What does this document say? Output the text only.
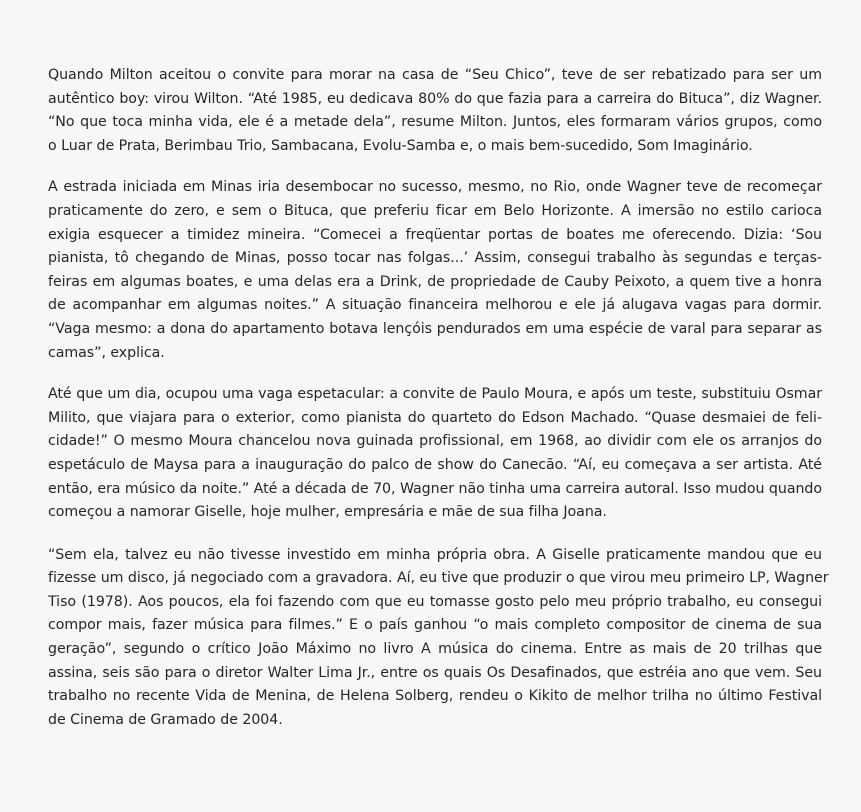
Quando Milton aceitou o convite para morar na casa de “Seu Chico”, teve de ser rebatizado para ser um
autêntico boy: virou Wilton. “Até 1985, eu dedicava 80% do que fazia para a carreira do Bituca”, diz Wagner.
“No que toca minha vida, ele é a metade dela”, resume Milton. Juntos, eles formaram vários grupos, como
o Luar de Prata, Berimbau Trio, Sambacana, Evolu-Samba e, o mais bem-sucedido, Som Imaginário.

A estrada iniciada em Minas iria desembocar no sucesso, mesmo, no Rio, onde Wagner teve de recomeçar
praticamente do zero, e sem o Bituca, que preferiu ficar em Belo Horizonte. A imersão no estilo carioca
exigia esquecer a timidez mineira. “Comecei a freqüentar portas de boates me oferecendo. Dizia: ‘Sou
pianista, tô chegando de Minas, posso tocar nas folgas...’ Assim, consegui trabalho às segundas e terças-
feiras em algumas boates, e uma delas era a Drink, de propriedade de Cauby Peixoto, a quem tive a honra
de acompanhar em algumas noites.” A situação financeira melhorou e ele já alugava vagas para dormir.
“Vaga mesmo: a dona do apartamento botava lençóis pendurados em uma espécie de varal para separar as
camas”, explica.

Até que um dia, ocupou uma vaga espetacular: a convite de Paulo Moura, e após um teste, substituiu Osmar
Milito, que viajara para o exterior, como pianista do quarteto do Edson Machado. “Quase desmaiei de feli-
cidade!” O mesmo Moura chancelou nova guinada profissional, em 1968, ao dividir com ele os arranjos do
espetáculo de Maysa para a inauguração do palco de show do Canecão. “Aí, eu começava a ser artista. Até
então, era músico da noite.” Até a década de 70, Wagner não tinha uma carreira autoral. Isso mudou quando
começou a namorar Giselle, hoje mulher, empresária e mãe de sua filha Joana.

“Sem ela, talvez eu não tivesse investido em minha própria obra. A Giselle praticamente mandou que eu
fizesse um disco, já negociado com a gravadora. Aí, eu tive que produzir o que virou meu primeiro LP, Wagner
Tiso (1978). Aos poucos, ela foi fazendo com que eu tomasse gosto pelo meu próprio trabalho, eu consegui
compor mais, fazer música para filmes.” E o país ganhou “o mais completo compositor de cinema de sua
geração”, segundo o crítico João Máximo no livro A música do cinema. Entre as mais de 20 trilhas que
assina, seis são para o diretor Walter Lima Jr., entre os quais Os Desafinados, que estréia ano que vem. Seu
trabalho no recente Vida de Menina, de Helena Solberg, rendeu o Kikito de melhor trilha no último Festival
de Cinema de Gramado de 2004.
